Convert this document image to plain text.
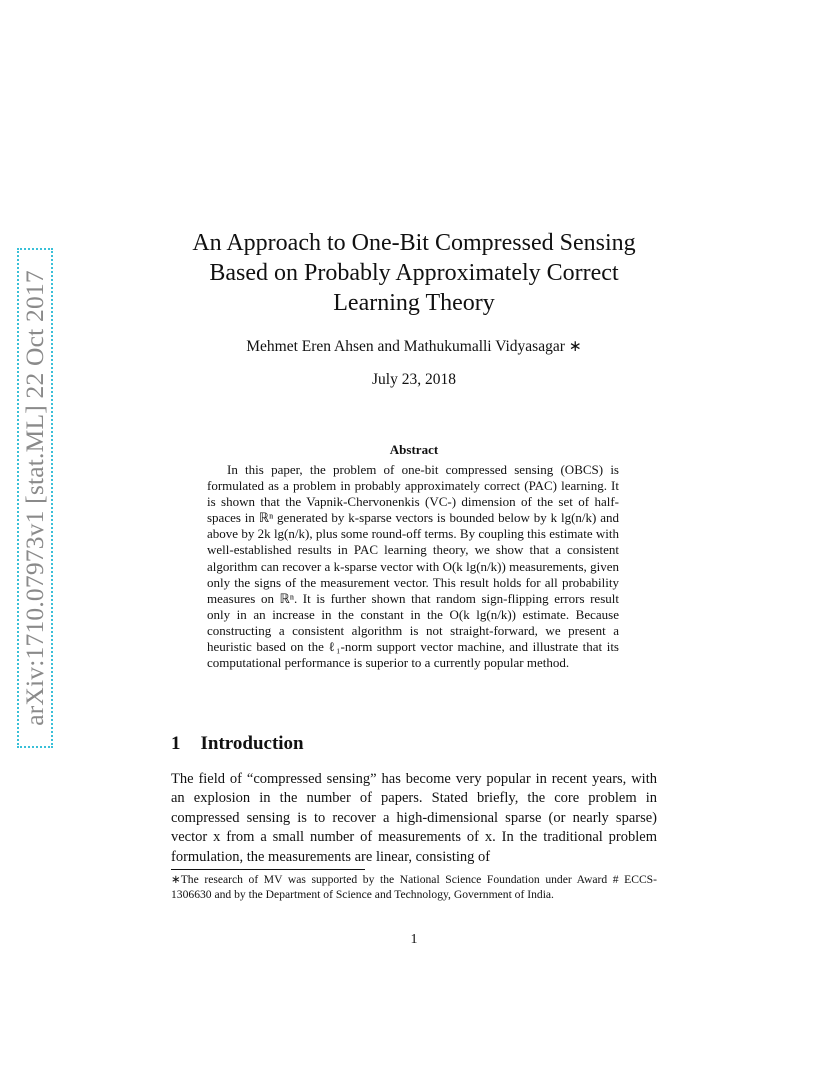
arXiv:1710.07973v1 [stat.ML] 22 Oct 2017
An Approach to One-Bit Compressed Sensing
Based on Probably Approximately Correct
Learning Theory
Mehmet Eren Ahsen and Mathukumalli Vidyasagar ∗
July 23, 2018
Abstract

In this paper, the problem of one-bit compressed sensing (OBCS) is formulated as a problem in probably approximately correct (PAC) learning. It is shown that the Vapnik-Chervonenkis (VC-) dimension of the set of half-spaces in ℝⁿ generated by k-sparse vectors is bounded below by k lg(n/k) and above by 2k lg(n/k), plus some round-off terms. By coupling this estimate with well-established results in PAC learning theory, we show that a consistent algorithm can recover a k-sparse vector with O(k lg(n/k)) measurements, given only the signs of the measurement vector. This result holds for all probability measures on ℝⁿ. It is further shown that random sign-flipping errors result only in an increase in the constant in the O(k lg(n/k)) estimate. Because constructing a consistent algorithm is not straight-forward, we present a heuristic based on the ℓ₁-norm support vector machine, and illustrate that its computational performance is superior to a currently popular method.

1 Introduction

The field of “compressed sensing” has become very popular in recent years, with an explosion in the number of papers. Stated briefly, the core problem in compressed sensing is to recover a high-dimensional sparse (or nearly sparse) vector x from a small number of measurements of x. In the traditional problem formulation, the measurements are linear, consisting of

∗The research of MV was supported by the National Science Foundation under Award # ECCS-1306630 and by the Department of Science and Technology, Government of India.

1
